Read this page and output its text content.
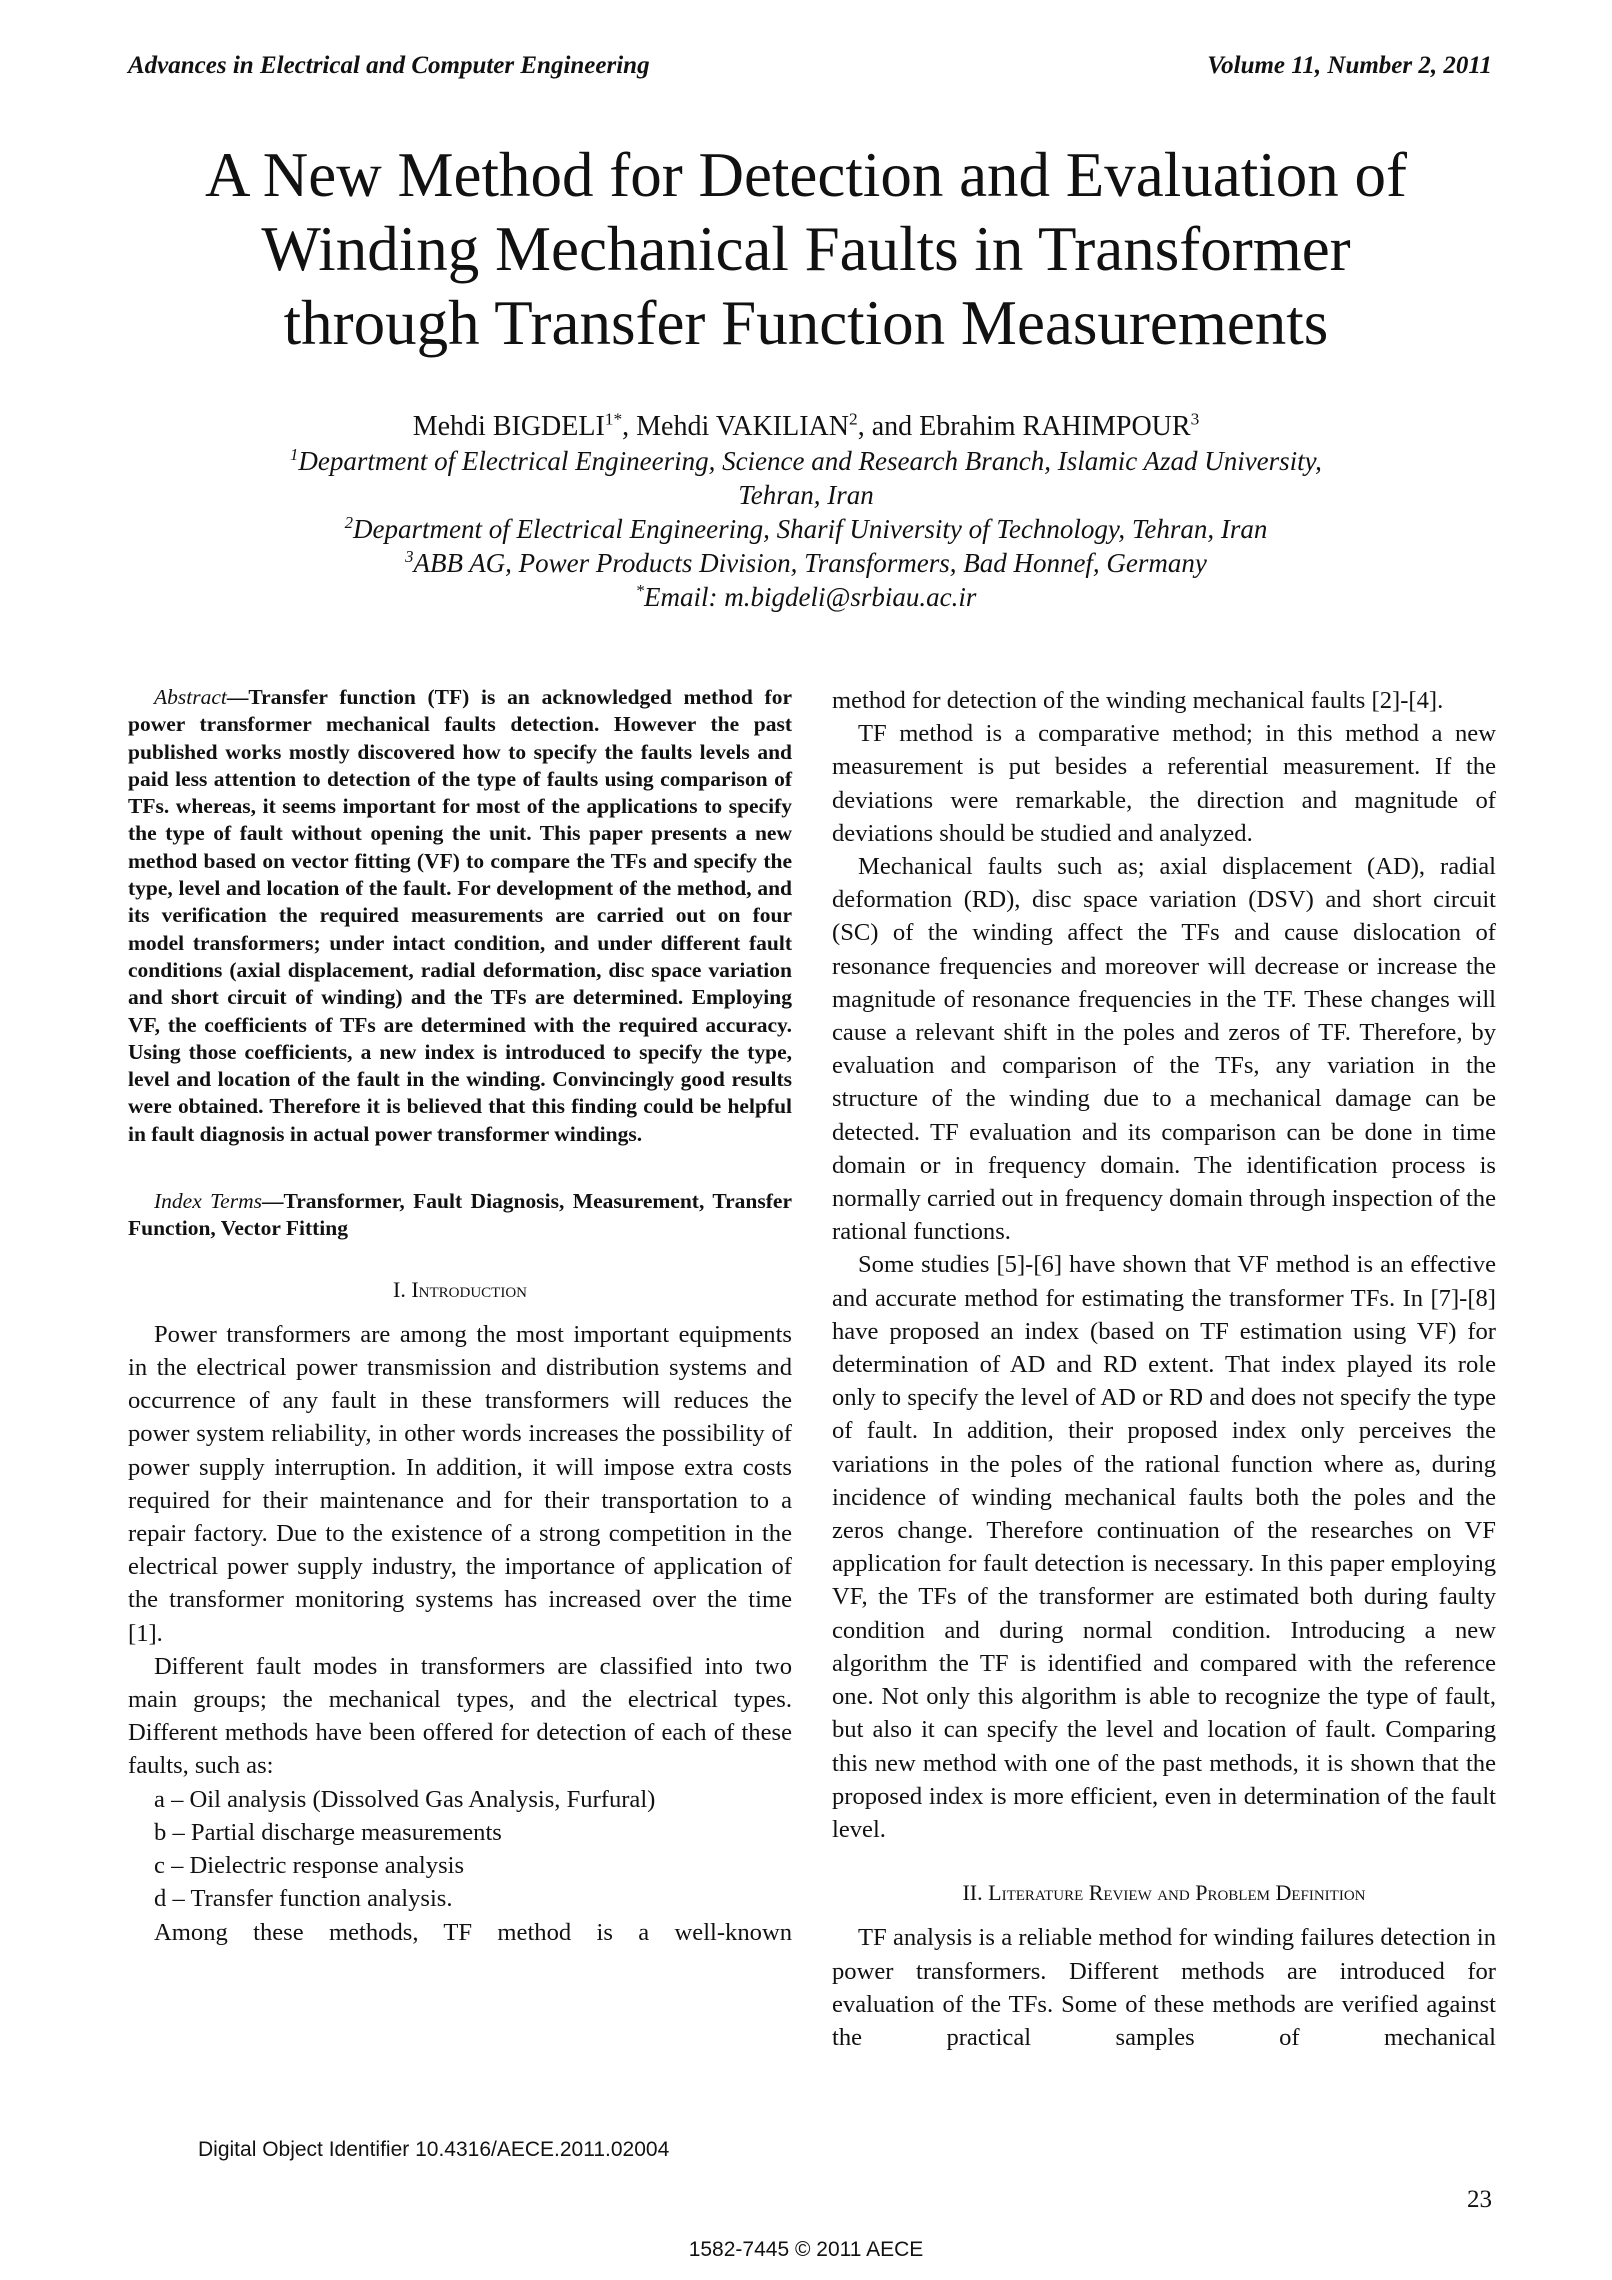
Advances in Electrical and Computer Engineering	Volume 11, Number 2, 2011
A New Method for Detection and Evaluation of
Winding Mechanical Faults in Transformer
through Transfer Function Measurements
Mehdi $BIGDELI^{1*}$, Mehdi VAKILIAN$^2$, and Ebrahim RAHIMPOUR$^3$
$^1$Department of Electrical Engineering, Science and Research Branch, Islamic Azad University,
Tehran, Iran
$^2$Department of Electrical Engineering, Sharif University of Technology, Tehran, Iran
$^3$ABB AG, Power Products Division, Transformers, Bad Honnef, Germany
*Email: m.bigdeli@srbiau.ac.ir

Abstract—Transfer function (TF) is an acknowledged method for power transformer mechanical faults detection. However the past published works mostly discovered how to specify the faults levels and paid less attention to detection of the type of faults using comparison of TFs. whereas, it seems important for most of the applications to specify the type of fault without opening the unit. This paper presents a new method based on vector fitting (VF) to compare the TFs and specify the type, level and location of the fault. For development of the method, and its verification the required measurements are carried out on four model transformers; under intact condition, and under different fault conditions (axial displacement, radial deformation, disc space variation and short circuit of winding) and the TFs are determined. Employing VF, the coefficients of TFs are determined with the required accuracy. Using those coefficients, a new index is introduced to specify the type, level and location of the fault in the winding. Convincingly good results were obtained. Therefore it is believed that this finding could be helpful in fault diagnosis in actual power transformer windings.

Index Terms—Transformer, Fault Diagnosis, Measurement, Transfer Function, Vector Fitting

I. Introduction

Power transformers are among the most important equipments in the electrical power transmission and distribution systems and occurrence of any fault in these transformers will reduces the power system reliability, in other words increases the possibility of power supply interruption. In addition, it will impose extra costs required for their maintenance and for their transportation to a repair factory. Due to the existence of a strong competition in the electrical power supply industry, the importance of application of the transformer monitoring systems has increased over the time [1].

Different fault modes in transformers are classified into two main groups; the mechanical types, and the electrical types. Different methods have been offered for detection of each of these faults, such as:

a – Oil analysis (Dissolved Gas Analysis, Furfural)
b – Partial discharge measurements
c – Dielectric response analysis
d – Transfer function analysis.

Among these methods, TF method is a well-known

method for detection of the winding mechanical faults [2]-[4].

TF method is a comparative method; in this method a new measurement is put besides a referential measurement. If the deviations were remarkable, the direction and magnitude of deviations should be studied and analyzed.

Mechanical faults such as; axial displacement (AD), radial deformation (RD), disc space variation (DSV) and short circuit (SC) of the winding affect the TFs and cause dislocation of resonance frequencies and moreover will decrease or increase the magnitude of resonance frequencies in the TF. These changes will cause a relevant shift in the poles and zeros of TF. Therefore, by evaluation and comparison of the TFs, any variation in the structure of the winding due to a mechanical damage can be detected. TF evaluation and its comparison can be done in time domain or in frequency domain. The identification process is normally carried out in frequency domain through inspection of the rational functions.

Some studies [5]-[6] have shown that VF method is an effective and accurate method for estimating the transformer TFs. In [7]-[8] have proposed an index (based on TF estimation using VF) for determination of AD and RD extent. That index played its role only to specify the level of AD or RD and does not specify the type of fault. In addition, their proposed index only perceives the variations in the poles of the rational function where as, during incidence of winding mechanical faults both the poles and the zeros change. Therefore continuation of the researches on VF application for fault detection is necessary. In this paper employing VF, the TFs of the transformer are estimated both during faulty condition and during normal condition. Introducing a new algorithm the TF is identified and compared with the reference one. Not only this algorithm is able to recognize the type of fault, but also it can specify the level and location of fault. Comparing this new method with one of the past methods, it is shown that the proposed index is more efficient, even in determination of the fault level.

II. Literature Review and Problem Definition

TF analysis is a reliable method for winding failures detection in power transformers. Different methods are introduced for evaluation of the TFs. Some of these methods are verified against the practical samples of mechanical

Digital Object Identifier 10.4316/AECE.2011.02004
23
1582-7445 © 2011 AECE
